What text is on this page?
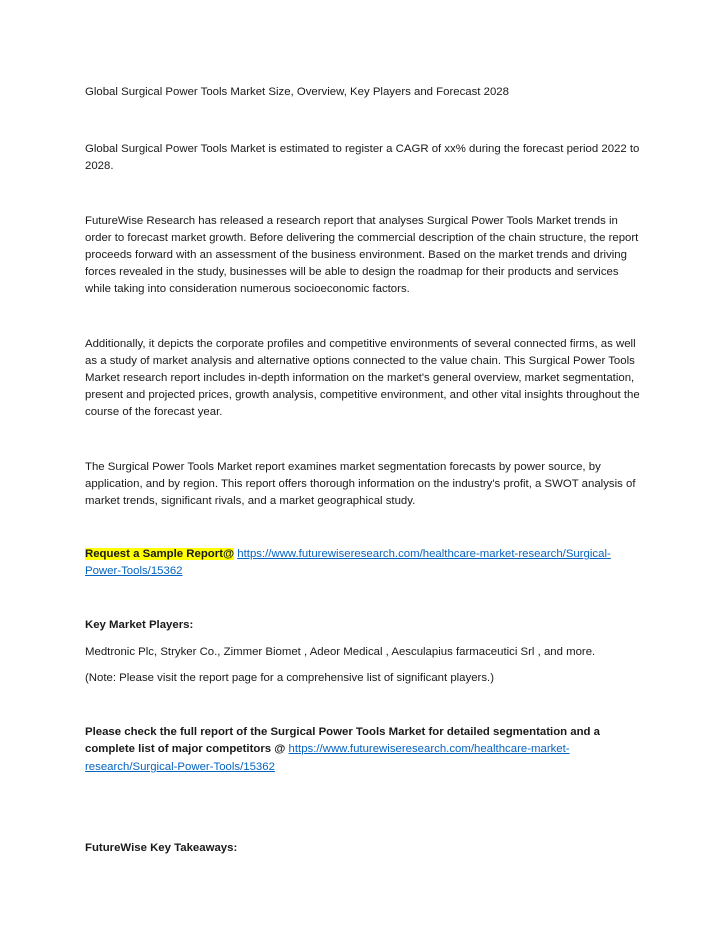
Global Surgical Power Tools Market Size, Overview, Key Players and Forecast 2028

Global Surgical Power Tools Market is estimated to register a CAGR of xx% during the forecast period 2022 to 2028.

FutureWise Research has released a research report that analyses Surgical Power Tools Market trends in order to forecast market growth. Before delivering the commercial description of the chain structure, the report proceeds forward with an assessment of the business environment. Based on the market trends and driving forces revealed in the study, businesses will be able to design the roadmap for their products and services while taking into consideration numerous socioeconomic factors.

Additionally, it depicts the corporate profiles and competitive environments of several connected firms, as well as a study of market analysis and alternative options connected to the value chain. This Surgical Power Tools Market research report includes in-depth information on the market's general overview, market segmentation, present and projected prices, growth analysis, competitive environment, and other vital insights throughout the course of the forecast year.

The Surgical Power Tools Market report examines market segmentation forecasts by power source, by application, and by region. This report offers thorough information on the industry's profit, a SWOT analysis of market trends, significant rivals, and a market geographical study.

Request a Sample Report@ https://www.futurewiseresearch.com/healthcare-market-research/Surgical-Power-Tools/15362

Key Market Players:

Medtronic Plc, Stryker Co., Zimmer Biomet , Adeor Medical , Aesculapius farmaceutici Srl , and more.

(Note: Please visit the report page for a comprehensive list of significant players.)

Please check the full report of the Surgical Power Tools Market for detailed segmentation and a complete list of major competitors @ https://www.futurewiseresearch.com/healthcare-market-research/Surgical-Power-Tools/15362

FutureWise Key Takeaways:
